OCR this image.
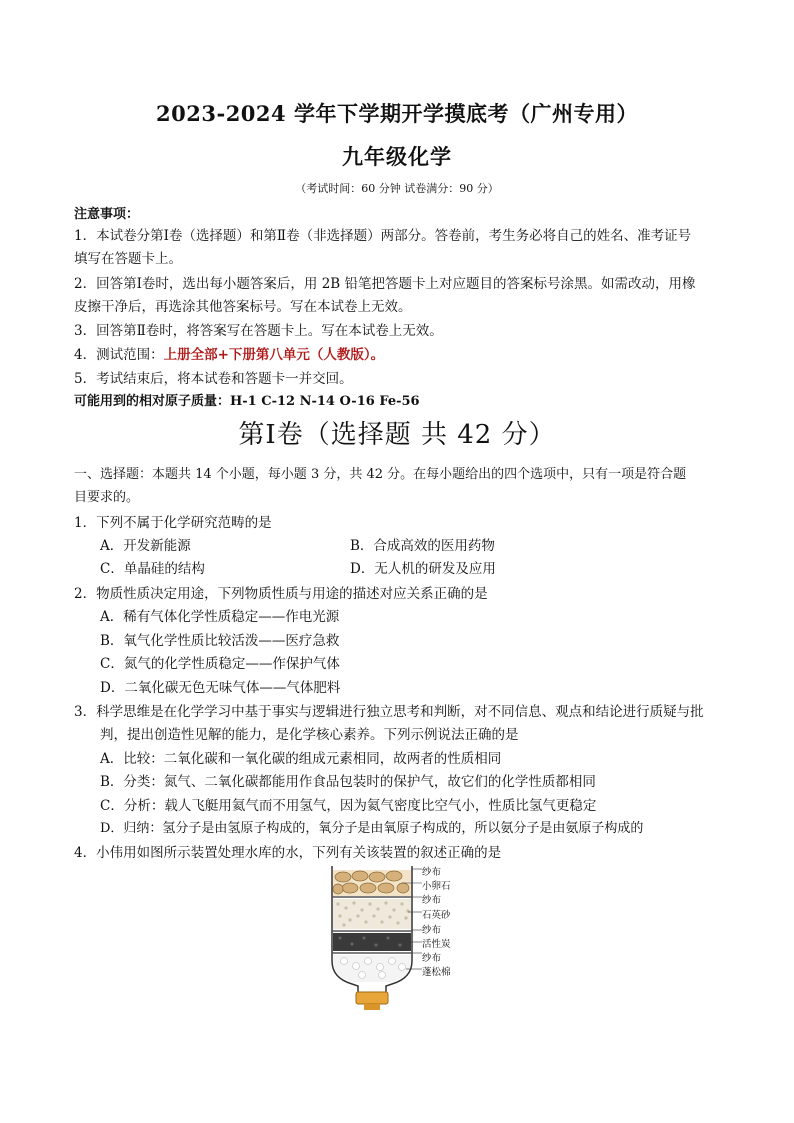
2023-2024 学年下学期开学摸底考（广州专用）
九年级化学
（考试时间：60 分钟 试卷满分：90 分）
注意事项：
1．本试卷分第Ⅰ卷（选择题）和第Ⅱ卷（非选择题）两部分。答卷前，考生务必将自己的姓名、准考证号
填写在答题卡上。
2．回答第Ⅰ卷时，选出每小题答案后，用 2B 铅笔把答题卡上对应题目的答案标号涂黑。如需改动，用橡
皮擦干净后，再选涂其他答案标号。写在本试卷上无效。
3．回答第Ⅱ卷时，将答案写在答题卡上。写在本试卷上无效。
4．测试范围：上册全部+下册第八单元（人教版）。
5．考试结束后，将本试卷和答题卡一并交回。
可能用到的相对原子质量：H-1 C-12 N-14 O-16 Fe-56
第Ⅰ卷（选择题 共 42 分）
一、选择题：本题共 14 个小题，每小题 3 分，共 42 分。在每小题给出的四个选项中，只有一项是符合题
目要求的。
1．下列不属于化学研究范畴的是
A．开发新能源	B．合成高效的医用药物
C．单晶硅的结构	D．无人机的研发及应用
2．物质性质决定用途，下列物质性质与用途的描述对应关系正确的是
A．稀有气体化学性质稳定——作电光源
B．氧气化学性质比较活泼——医疗急救
C．氮气的化学性质稳定——作保护气体
D．二氧化碳无色无味气体——气体肥料
3．科学思维是在化学学习中基于事实与逻辑进行独立思考和判断，对不同信息、观点和结论进行质疑与批
判，提出创造性见解的能力，是化学核心素养。下列示例说法正确的是
A．比较：二氧化碳和一氧化碳的组成元素相同，故两者的性质相同
B．分类：氮气、二氧化碳都能用作食品包装时的保护气，故它们的化学性质都相同
C．分析：载人飞艇用氦气而不用氢气，因为氦气密度比空气小，性质比氢气更稳定
D．归纳：氢分子是由氢原子构成的，氧分子是由氧原子构成的，所以氨分子是由氨原子构成的
4．小伟用如图所示装置处理水库的水，下列有关该装置的叙述正确的是
纱布
小卵石
纱布
石英砂
纱布
活性炭
纱布
蓬松棉
